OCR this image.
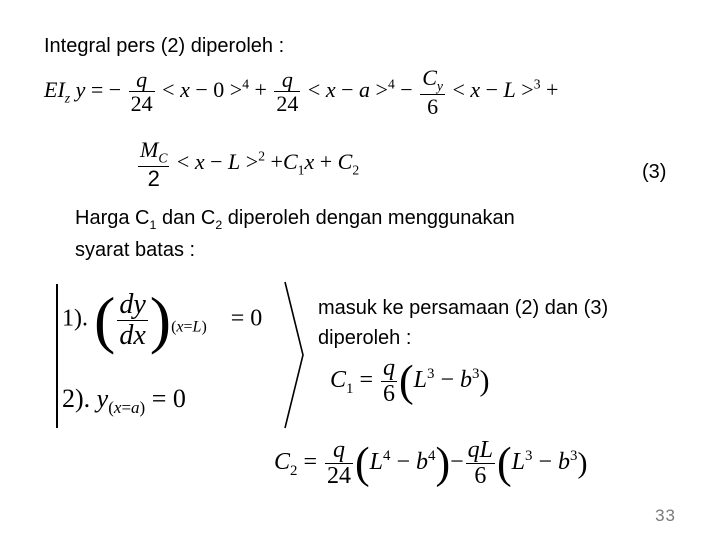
Integral pers (2) diperoleh :
$EI_z$ y = − $\frac{q}{24} < x - 0 >^4 + \frac{q}{24} < x - a >^4 - \frac{C_y}{6} < x - L >^3$ +
$\frac{M_C}{2} < x - L >^2 +C_1x + C_2$	(3)
Harga $C_1$ dan $C_2$ diperoleh dengan menggunakan
syarat batas :
1). ( $\frac{dy}{dx} )_{(x=L)}$    = 0
2). $y_{(x=a)} = 0$
masuk ke persamaan (2) dan (3)
diperoleh :
$C_1 = \frac{q}{6} (L^3 - b^3)$
$C_2 = \frac{q}{24} (L^4 - b^4)- \frac{qL}{6} (L^3 - b^3)$
33
